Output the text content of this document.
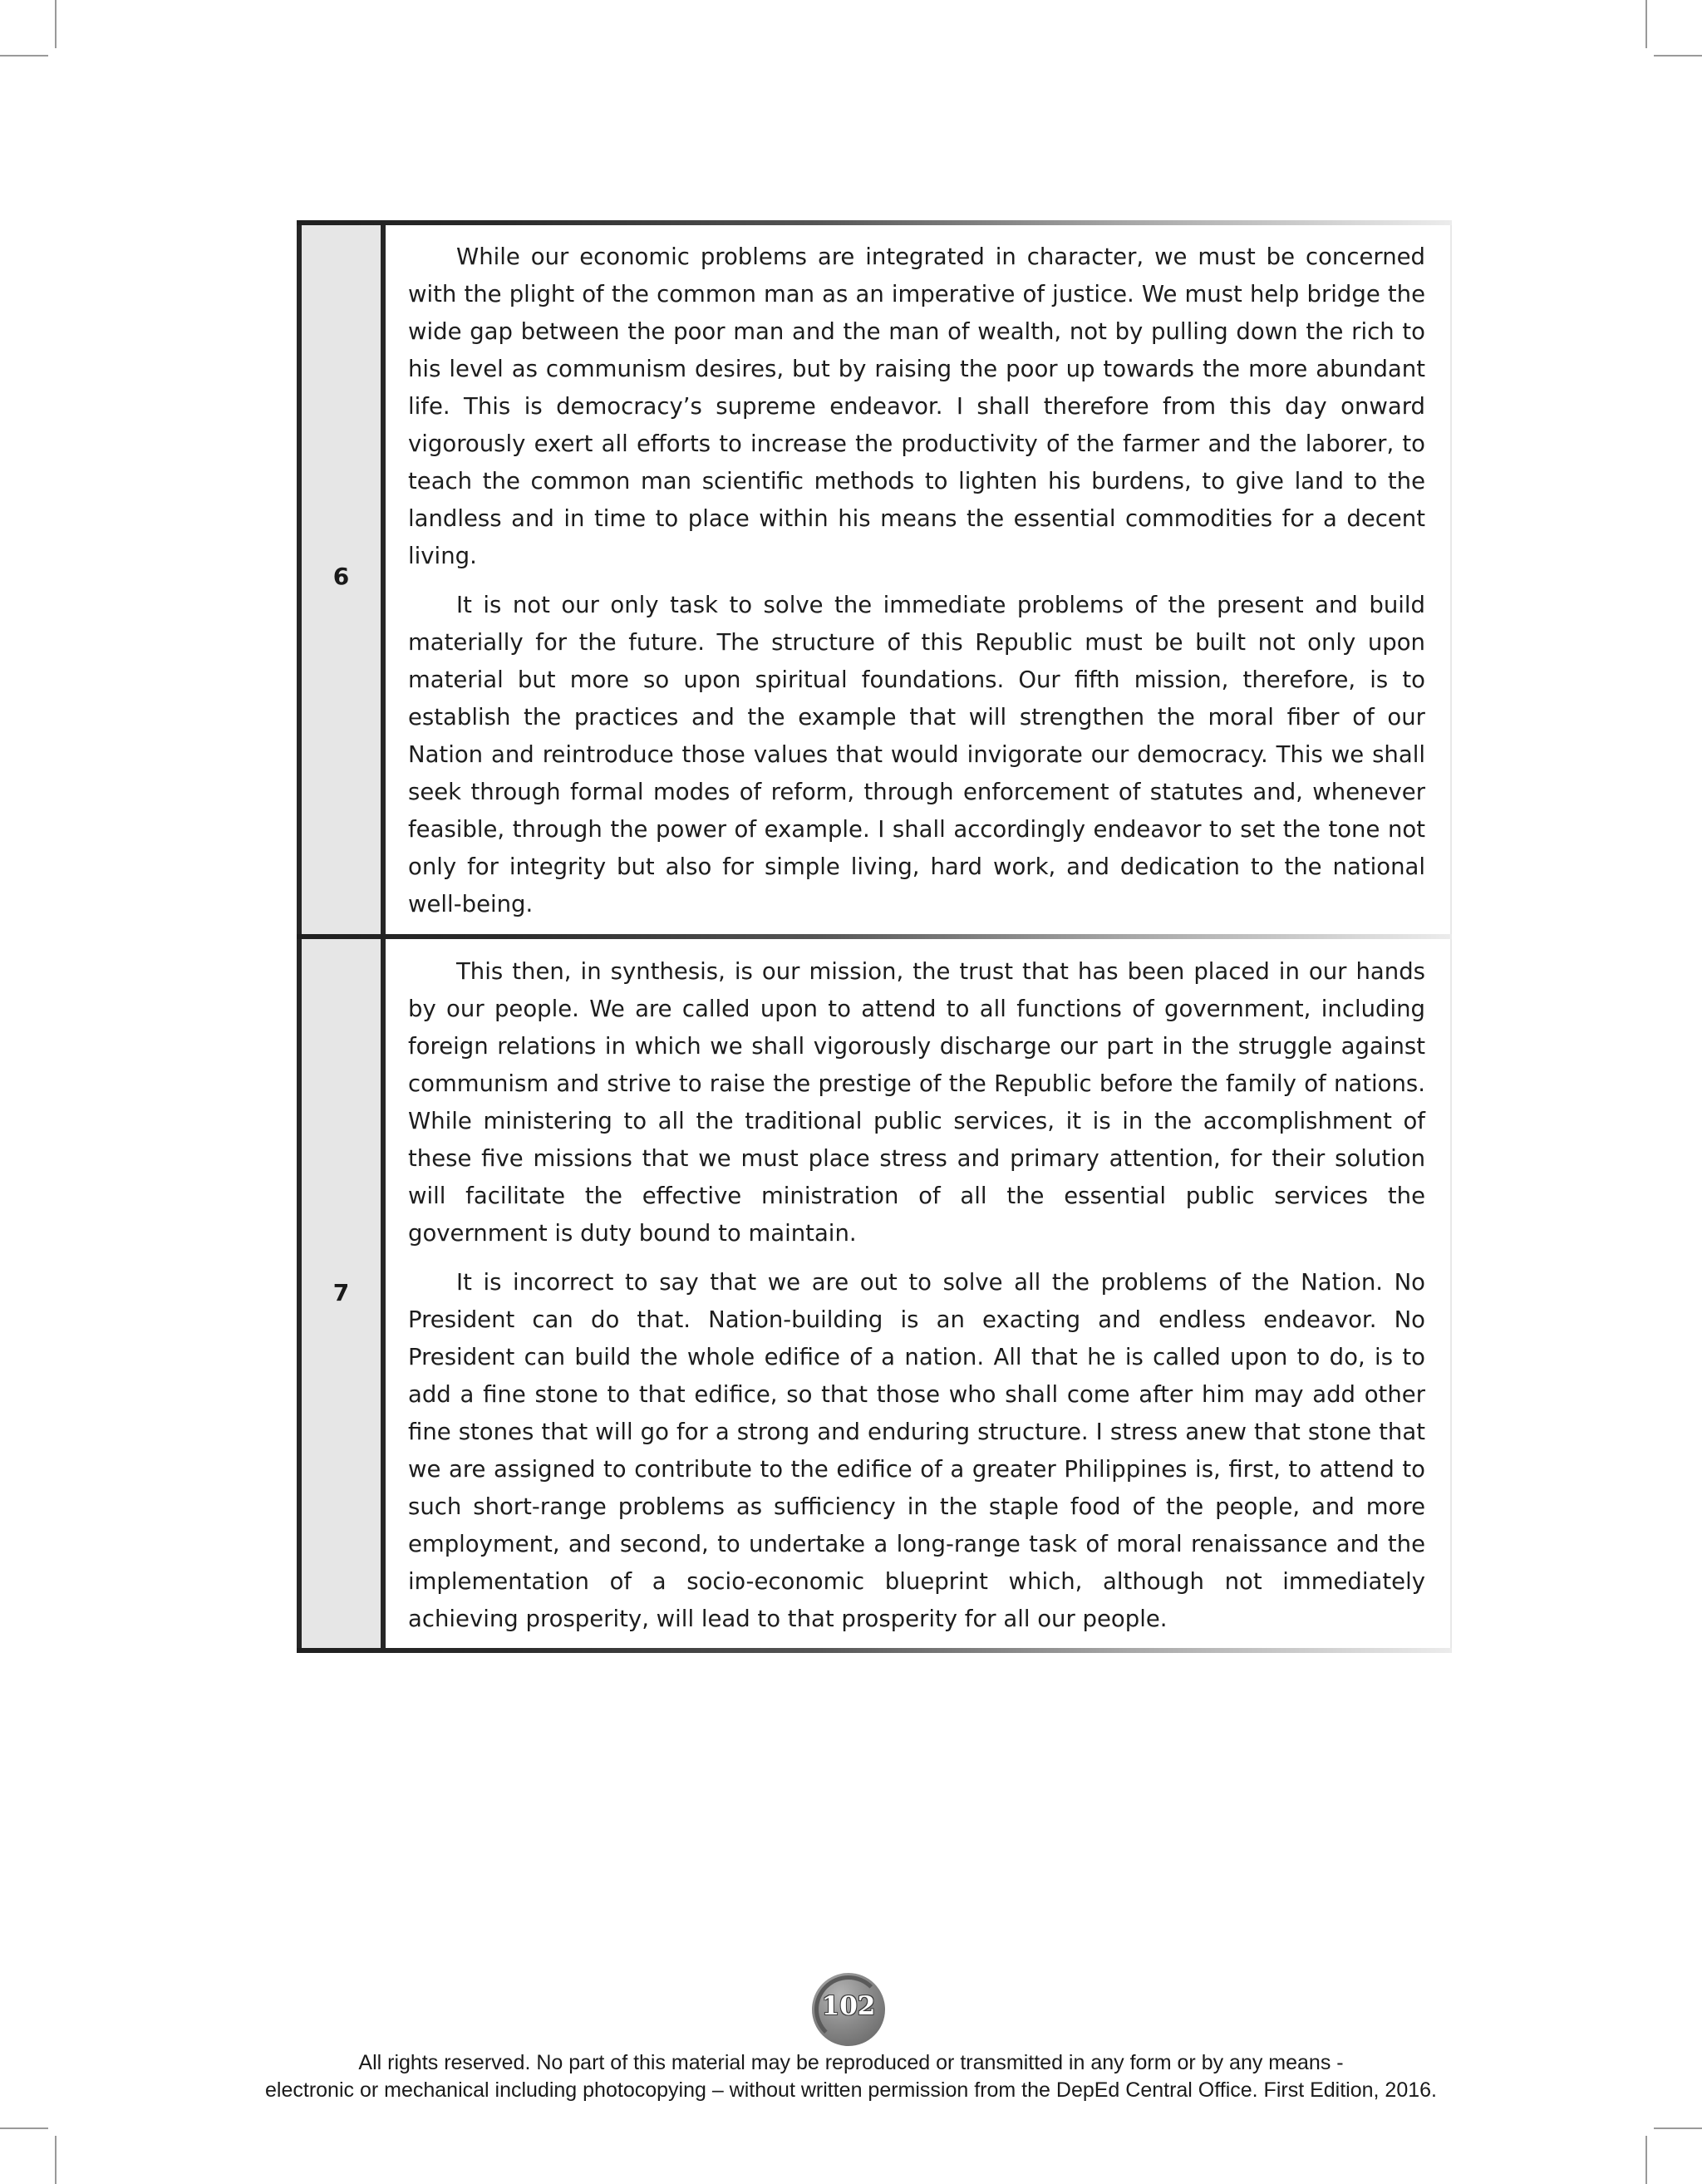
6

While our economic problems are integrated in character, we must be concerned with the plight of the common man as an imperative of justice. We must help bridge the wide gap between the poor man and the man of wealth, not by pulling down the rich to his level as communism desires, but by raising the poor up towards the more abundant life. This is democracy’s supreme endeavor. I shall therefore from this day onward vigorously exert all efforts to increase the productivity of the farmer and the laborer, to teach the common man scientific methods to lighten his burdens, to give land to the landless and in time to place within his means the essential commodities for a decent living.

It is not our only task to solve the immediate problems of the present and build materially for the future. The structure of this Republic must be built not only upon material but more so upon spiritual foundations. Our fifth mission, therefore, is to establish the practices and the example that will strengthen the moral fiber of our Nation and reintroduce those values that would invigorate our democracy. This we shall seek through formal modes of reform, through enforcement of statutes and, whenever feasible, through the power of example. I shall accordingly endeavor to set the tone not only for integrity but also for simple living, hard work, and dedication to the national well-being.

7

This then, in synthesis, is our mission, the trust that has been placed in our hands by our people. We are called upon to attend to all functions of government, including foreign relations in which we shall vigorously discharge our part in the struggle against communism and strive to raise the prestige of the Republic before the family of nations. While ministering to all the traditional public services, it is in the accomplishment of these five missions that we must place stress and primary attention, for their solution will facilitate the effective ministration of all the essential public services the government is duty bound to maintain.

It is incorrect to say that we are out to solve all the problems of the Nation. No President can do that. Nation-building is an exacting and endless endeavor. No President can build the whole edifice of a nation. All that he is called upon to do, is to add a fine stone to that edifice, so that those who shall come after him may add other fine stones that will go for a strong and enduring structure. I stress anew that stone that we are assigned to contribute to the edifice of a greater Philippines is, first, to attend to such short-range problems as sufficiency in the staple food of the people, and more employment, and second, to undertake a long-range task of moral renaissance and the implementation of a socio-economic blueprint which, although not immediately achieving prosperity, will lead to that prosperity for all our people.

102
All rights reserved. No part of this material may be reproduced or transmitted in any form or by any means -
electronic or mechanical including photocopying – without written permission from the DepEd Central Office. First Edition, 2016.
